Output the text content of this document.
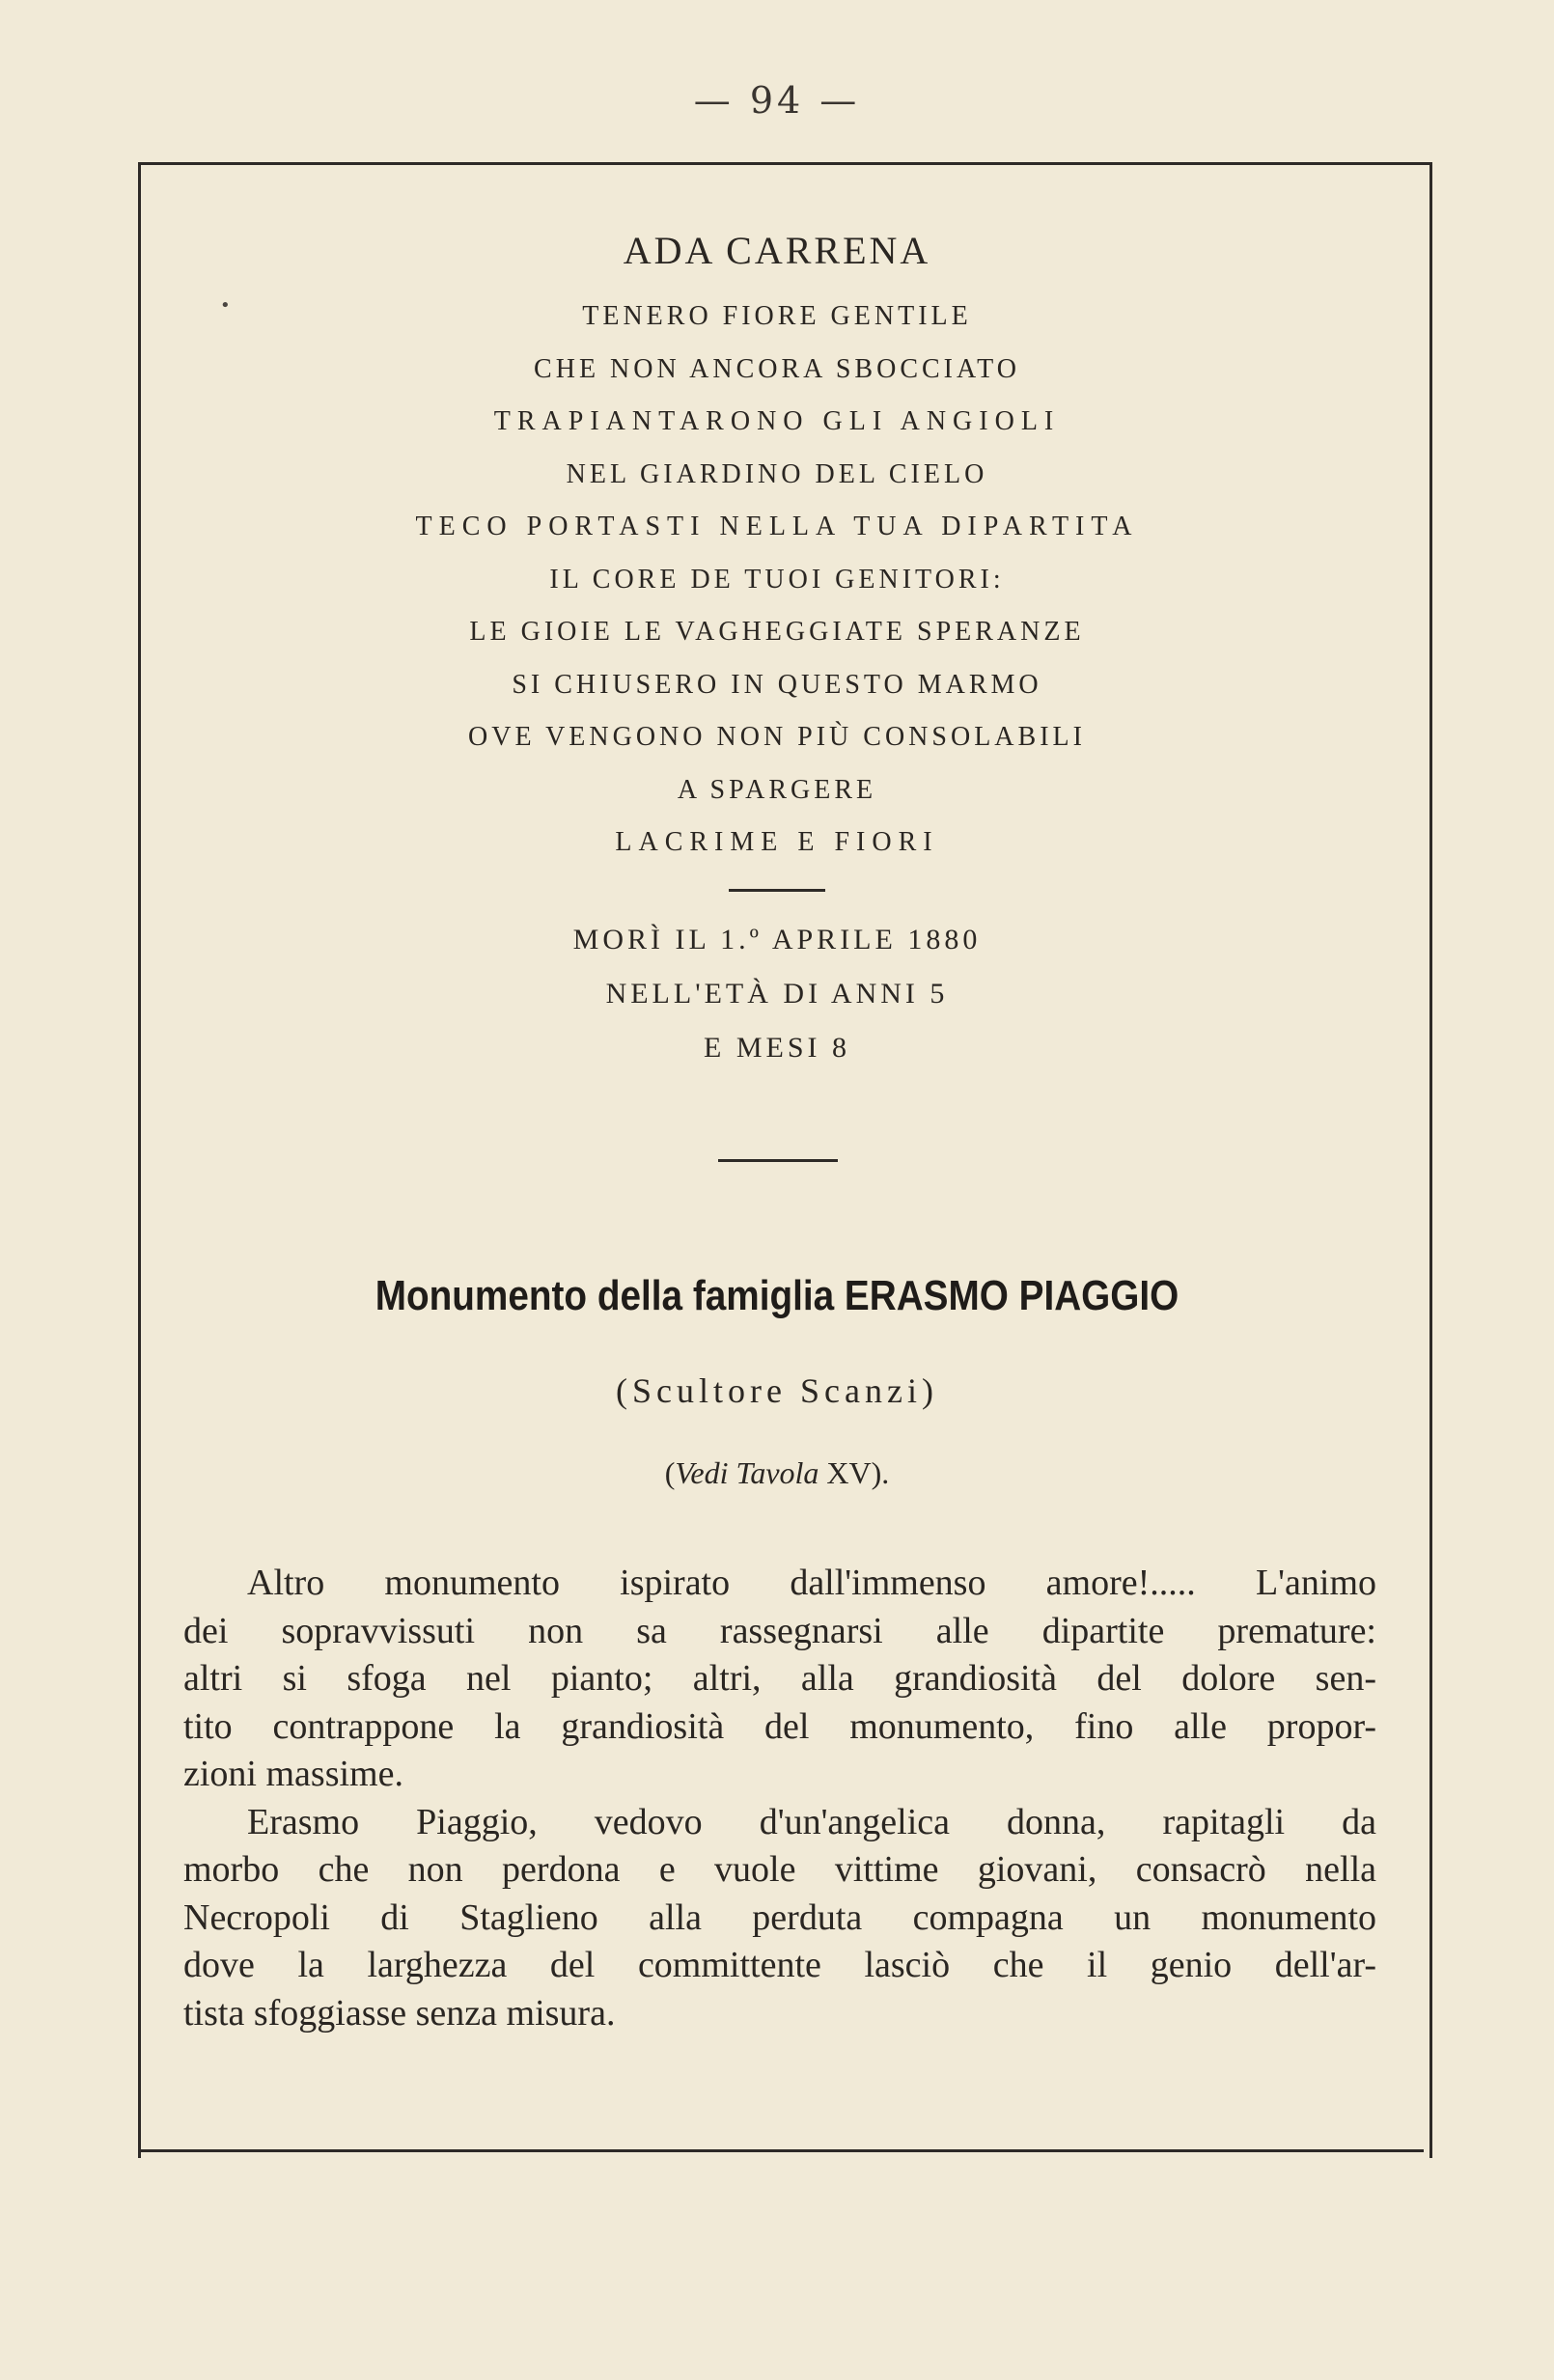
— 94 —
•
ADA CARRENA
TENERO FIORE GENTILE
CHE NON ANCORA SBOCCIATO
TRAPIANTARONO GLI ANGIOLI
NEL GIARDINO DEL CIELO
TECO PORTASTI NELLA TUA DIPARTITA
IL CORE DE TUOI GENITORI:
LE GIOIE LE VAGHEGGIATE SPERANZE
SI CHIUSERO IN QUESTO MARMO
OVE VENGONO NON PIÙ CONSOLABILI
A SPARGERE
LACRIME E FIORI
MORÌ IL 1.º APRILE 1880
NELL'ETÀ DI ANNI 5
E MESI 8
Monumento della famiglia ERASMO PIAGGIO
(Scultore Scanzi)
(Vedi Tavola XV).
Altro monumento ispirato dall'immenso amore!..... L'animo
dei sopravvissuti non sa rassegnarsi alle dipartite premature:
altri si sfoga nel pianto; altri, alla grandiosità del dolore sen-
tito contrappone la grandiosità del monumento, fino alle propor-
zioni massime.
Erasmo Piaggio, vedovo d'un'angelica donna, rapitagli da
morbo che non perdona e vuole vittime giovani, consacrò nella
Necropoli di Staglieno alla perduta compagna un monumento
dove la larghezza del committente lasciò che il genio dell'ar-
tista sfoggiasse senza misura.
